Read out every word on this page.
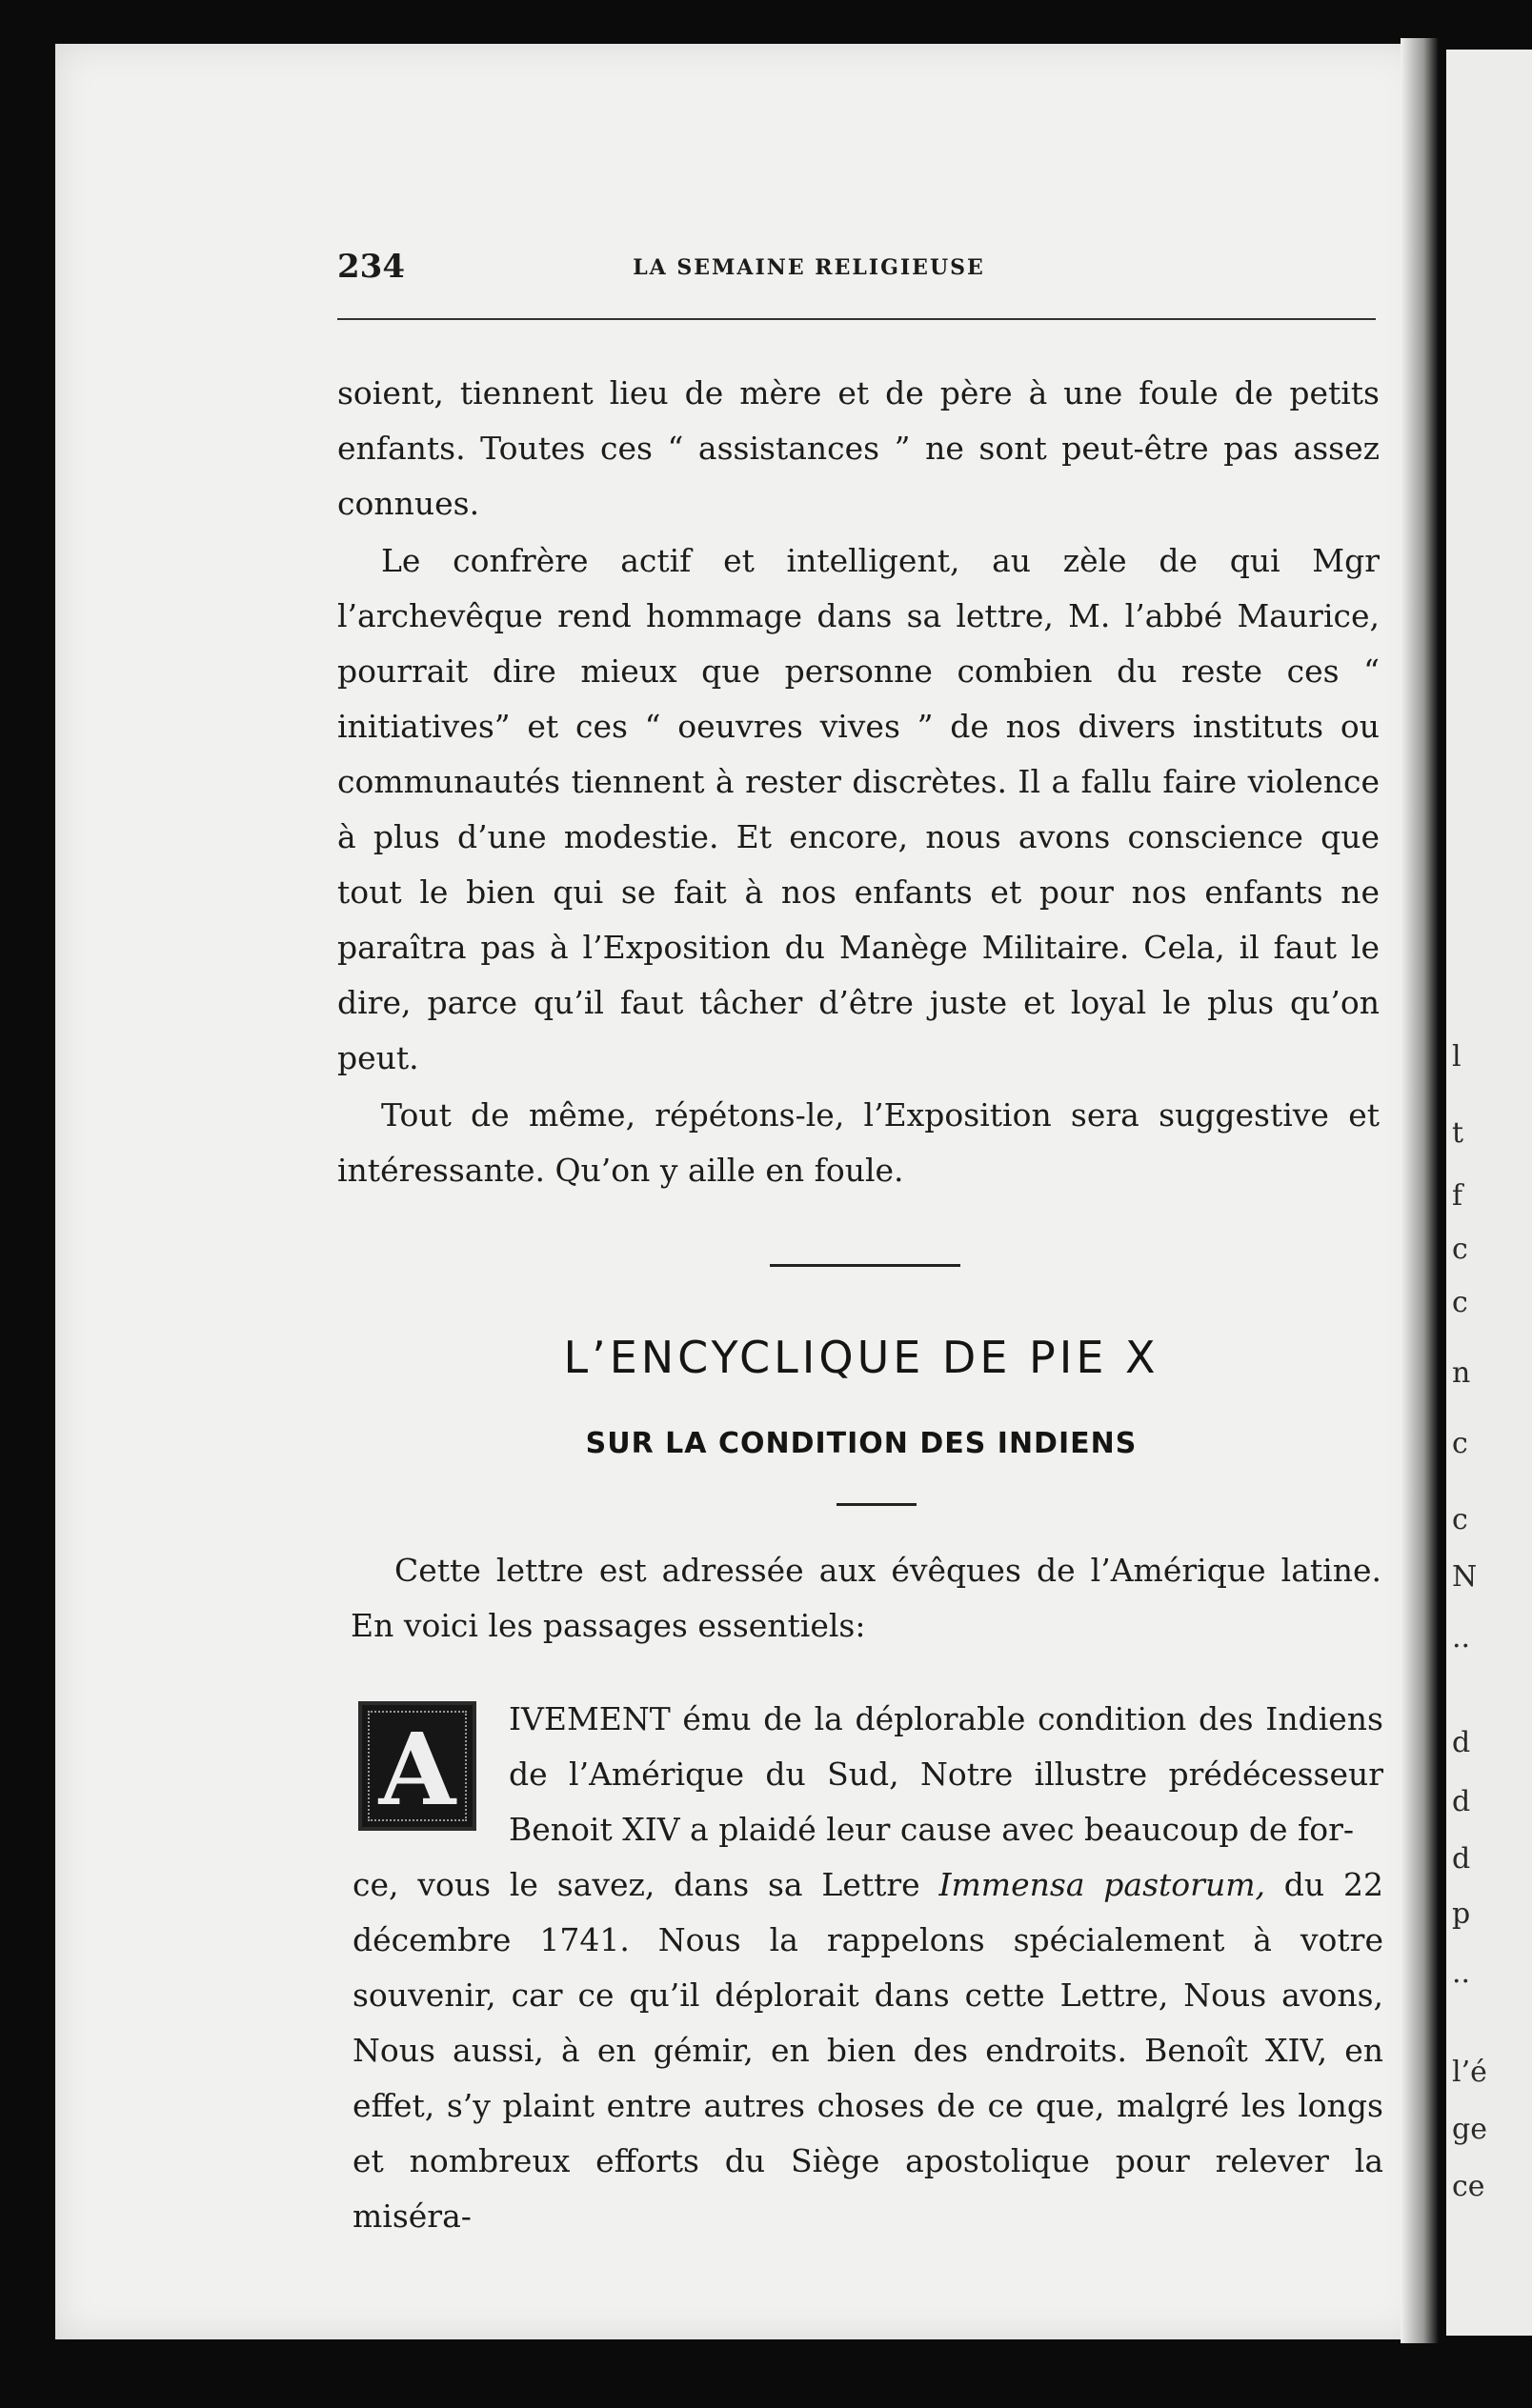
234	LA SEMAINE RELIGIEUSE

soient, tiennent lieu de mère et de père à une foule de petits enfants. Toutes ces “ assistances ” ne sont peut-être pas assez connues.

Le confrère actif et intelligent, au zèle de qui Mgr l’archevêque rend hommage dans sa lettre, M. l’abbé Maurice, pourrait dire mieux que personne combien du reste ces “ initiatives” et ces “ oeuvres vives ” de nos divers instituts ou communautés tiennent à rester discrètes. Il a fallu faire violence à plus d’une modestie. Et encore, nous avons conscience que tout le bien qui se fait à nos enfants et pour nos enfants ne paraîtra pas à l’Exposition du Manège Militaire. Cela, il faut le dire, parce qu’il faut tâcher d’être juste et loyal le plus qu’on peut.

Tout de même, répétons-le, l’Exposition sera suggestive et intéressante. Qu’on y aille en foule.

L’ENCYCLIQUE DE PIE X
SUR LA CONDITION DES INDIENS

Cette lettre est adressée aux évêques de l’Amérique latine. En voici les passages essentiels:

A	IVEMENT ému de la déplorable condition des Indiens de l’Amérique du Sud, Notre illustre prédécesseur Benoit XIV a plaidé leur cause avec beaucoup de for-

ce, vous le savez, dans sa Lettre Immensa pastorum, du 22 décembre 1741. Nous la rappelons spécialement à votre souvenir, car ce qu’il déplorait dans cette Lettre, Nous avons, Nous aussi, à en gémir, en bien des endroits. Benoît XIV, en effet, s’y plaint entre autres choses de ce que, malgré les longs et nombreux efforts du Siège apostolique pour relever la miséra-

l
t
f
c
c
n
c
c
N
..
d
d
d
p
..
l’é
ge
ce
